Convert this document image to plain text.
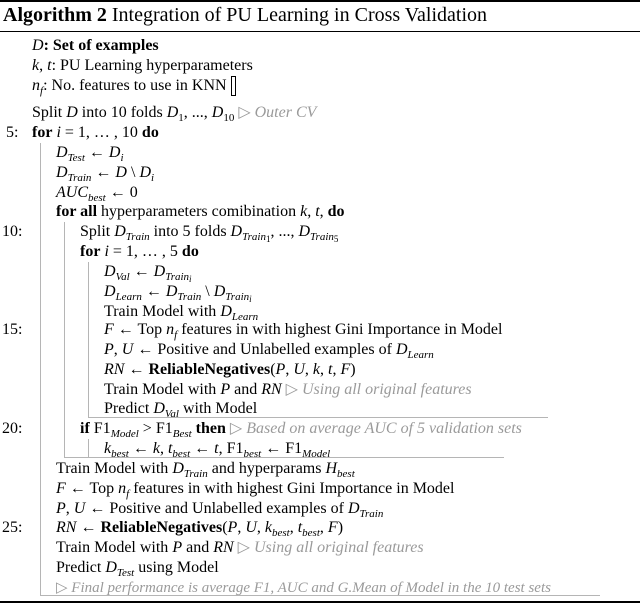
Algorithm 2 Integration of PU Learning in Cross Validation
5:
10:
15:
20:
25:
D: Set of examples
k, t: PU Learning hyperparameters
$n_f$: No. features to use in KNN
Split D into 10 folds $D_1$, ..., $D_{10}$ ▷ Outer CV
for i = 1, … , 10 do
$D_{Test}$ ← $D_i$
$D_{Train}$ ← D \ $D_i$
$AUC_{best}$ ← 0
for all hyperparameters comibination k, t, do
Split $D_{Train}$ into 5 folds $D_{Train_1}$, ..., $D_{Train_5}$
for i = 1, … , 5 do
$D_{Val}$ ← $D_{Train_i}$
$D_{Learn}$ ← $D_{Train}$ \ $D_{Train_i}$
Train Model with $D_{Learn}$
F ← Top $n_f$ features in with highest Gini Importance in Model
P, U ← Positive and Unlabelled examples of $D_{Learn}$
RN ← ReliableNegatives(P, U, k, t, F)
Train Model with P and RN ▷ Using all original features
Predict $D_{Val}$ with Model
if $F1_{Model} > F1_{Best}$ then ▷ Based on average AUC of 5 validation sets
$k_{best}$ ← k, $t_{best}$ ← t, $F1_{best}$ ← $F1_{Model}$
Train Model with $D_{Train}$ and hyperparams $H_{best}$
F ← Top $n_f$ features in with highest Gini Importance in Model
P, U ← Positive and Unlabelled examples of $D_{Train}$
RN ← ReliableNegatives(P, U, $k_{best}$, $t_{best}$, F)
Train Model with P and RN ▷ Using all original features
Predict $D_{Test}$ using Model
▷ Final performance is average F1, AUC and G.Mean of Model in the 10 test sets
